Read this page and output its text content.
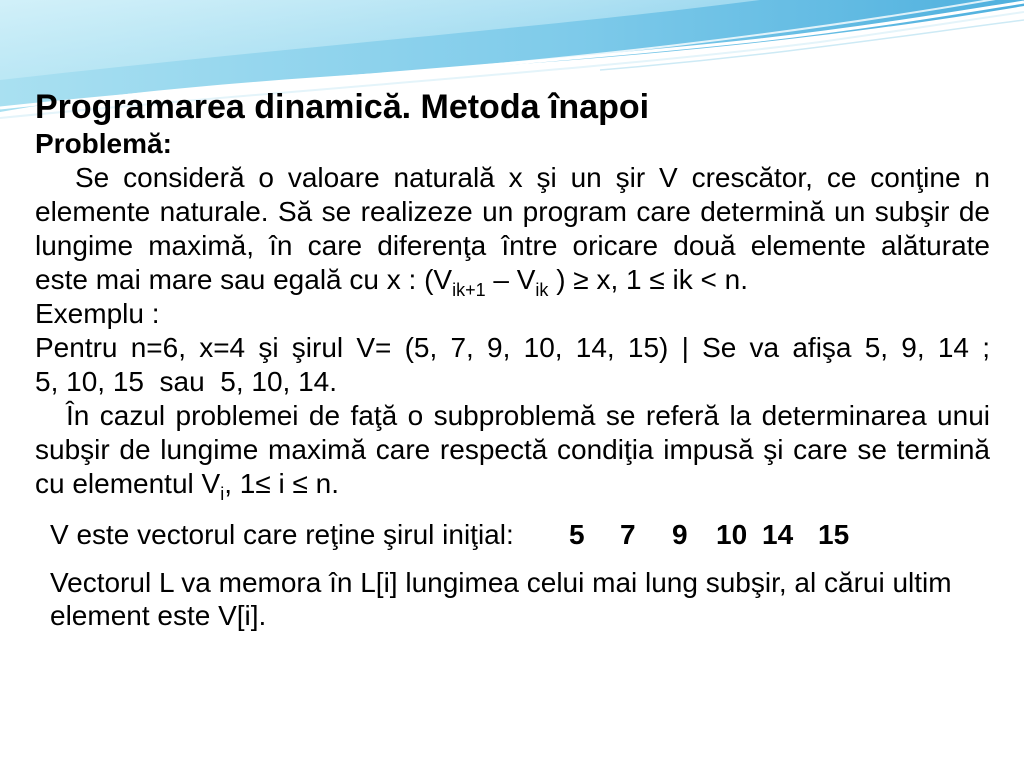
Programarea dinamică. Metoda înapoi
Problemă:
Se consideră o valoare naturală x şi un şir V crescător, ce conţine n
elemente naturale. Să se realizeze un program care determină un subşir de
lungime maximă, în care diferenţa între oricare două elemente alăturate
este mai mare sau egală cu x : ($V_{ik+1} - V_{ik}$ ) ≥ x, 1 ≤ ik < n.
Exemplu :
Pentru n=6, x=4 şi şirul V= (5, 7, 9, 10, 14, 15) | Se va afişa 5, 9, 14 ;
5, 10, 15  sau  5, 10, 14.
În cazul problemei de faţă o subproblemă se referă la determinarea unui
subşir de lungime maximă care respectă condiţia impusă şi care se termină
cu elementul $V_i$, 1≤ i ≤ n.
V este vectorul care reţine şirul iniţial: 5 7 9 10 14 15
Vectorul L va memora în L[i] lungimea celui mai lung subşir, al cărui ultim
element este V[i].
